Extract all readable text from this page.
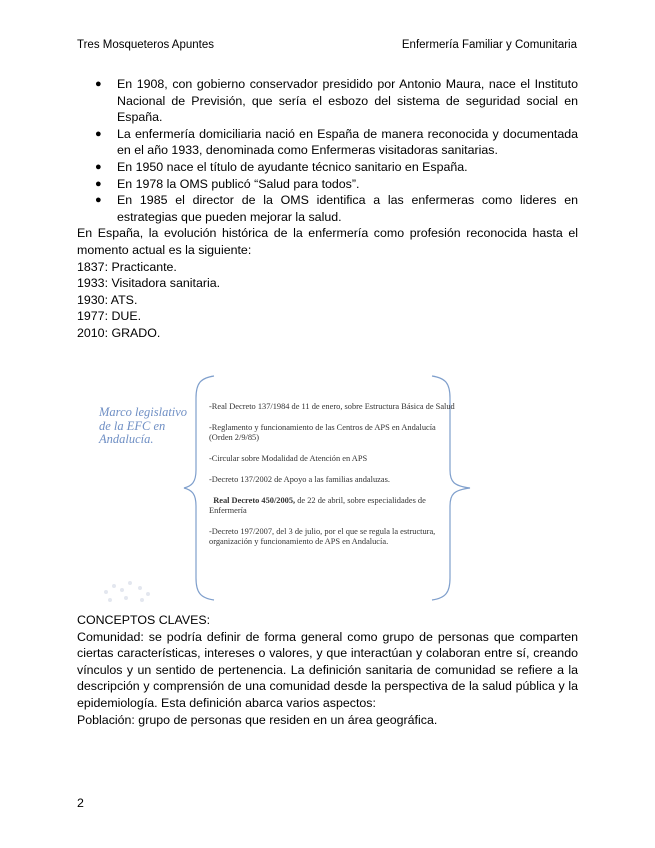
Tres Mosqueteros Apuntes	Enfermería Familiar y Comunitaria
● En 1908, con gobierno conservador presidido por Antonio Maura, nace el Instituto Nacional de Previsión, que sería el esbozo del sistema de seguridad social en España.
● La enfermería domiciliaria nació en España de manera reconocida y documentada en el año 1933, denominada como Enfermeras visitadoras sanitarias.
● En 1950 nace el título de ayudante técnico sanitario en España.
● En 1978 la OMS publicó “Salud para todos”.
● En 1985 el director de la OMS identifica a las enfermeras como lideres en estrategias que pueden mejorar la salud.
En España, la evolución histórica de la enfermería como profesión reconocida hasta el momento actual es la siguiente:
1837: Practicante.
1933: Visitadora sanitaria.
1930: ATS.
1977: DUE.
2010: GRADO.
Marco legislativo de la EFC en Andalucía.
-Real Decreto 137/1984 de 11 de enero, sobre Estructura Básica de Salud
-Reglamento y funcionamiento de las Centros de APS en Andalucía (Orden 2/9/85)
-Circular sobre Modalidad de Atención en APS
-Decreto 137/2002 de Apoyo a las familias andaluzas.
Real Decreto 450/2005, de 22 de abril, sobre especialidades de Enfermería
-Decreto 197/2007, del 3 de julio, por el que se regula la estructura, organización y funcionamiento de APS en Andalucía.
CONCEPTOS CLAVES:
Comunidad: se podría definir de forma general como grupo de personas que comparten ciertas características, intereses o valores, y que interactúan y colaboran entre sí, creando vínculos y un sentido de pertenencia. La definición sanitaria de comunidad se refiere a la descripción y comprensión de una comunidad desde la perspectiva de la salud pública y la epidemiología. Esta definición abarca varios aspectos:
Población: grupo de personas que residen en un área geográfica.
2
